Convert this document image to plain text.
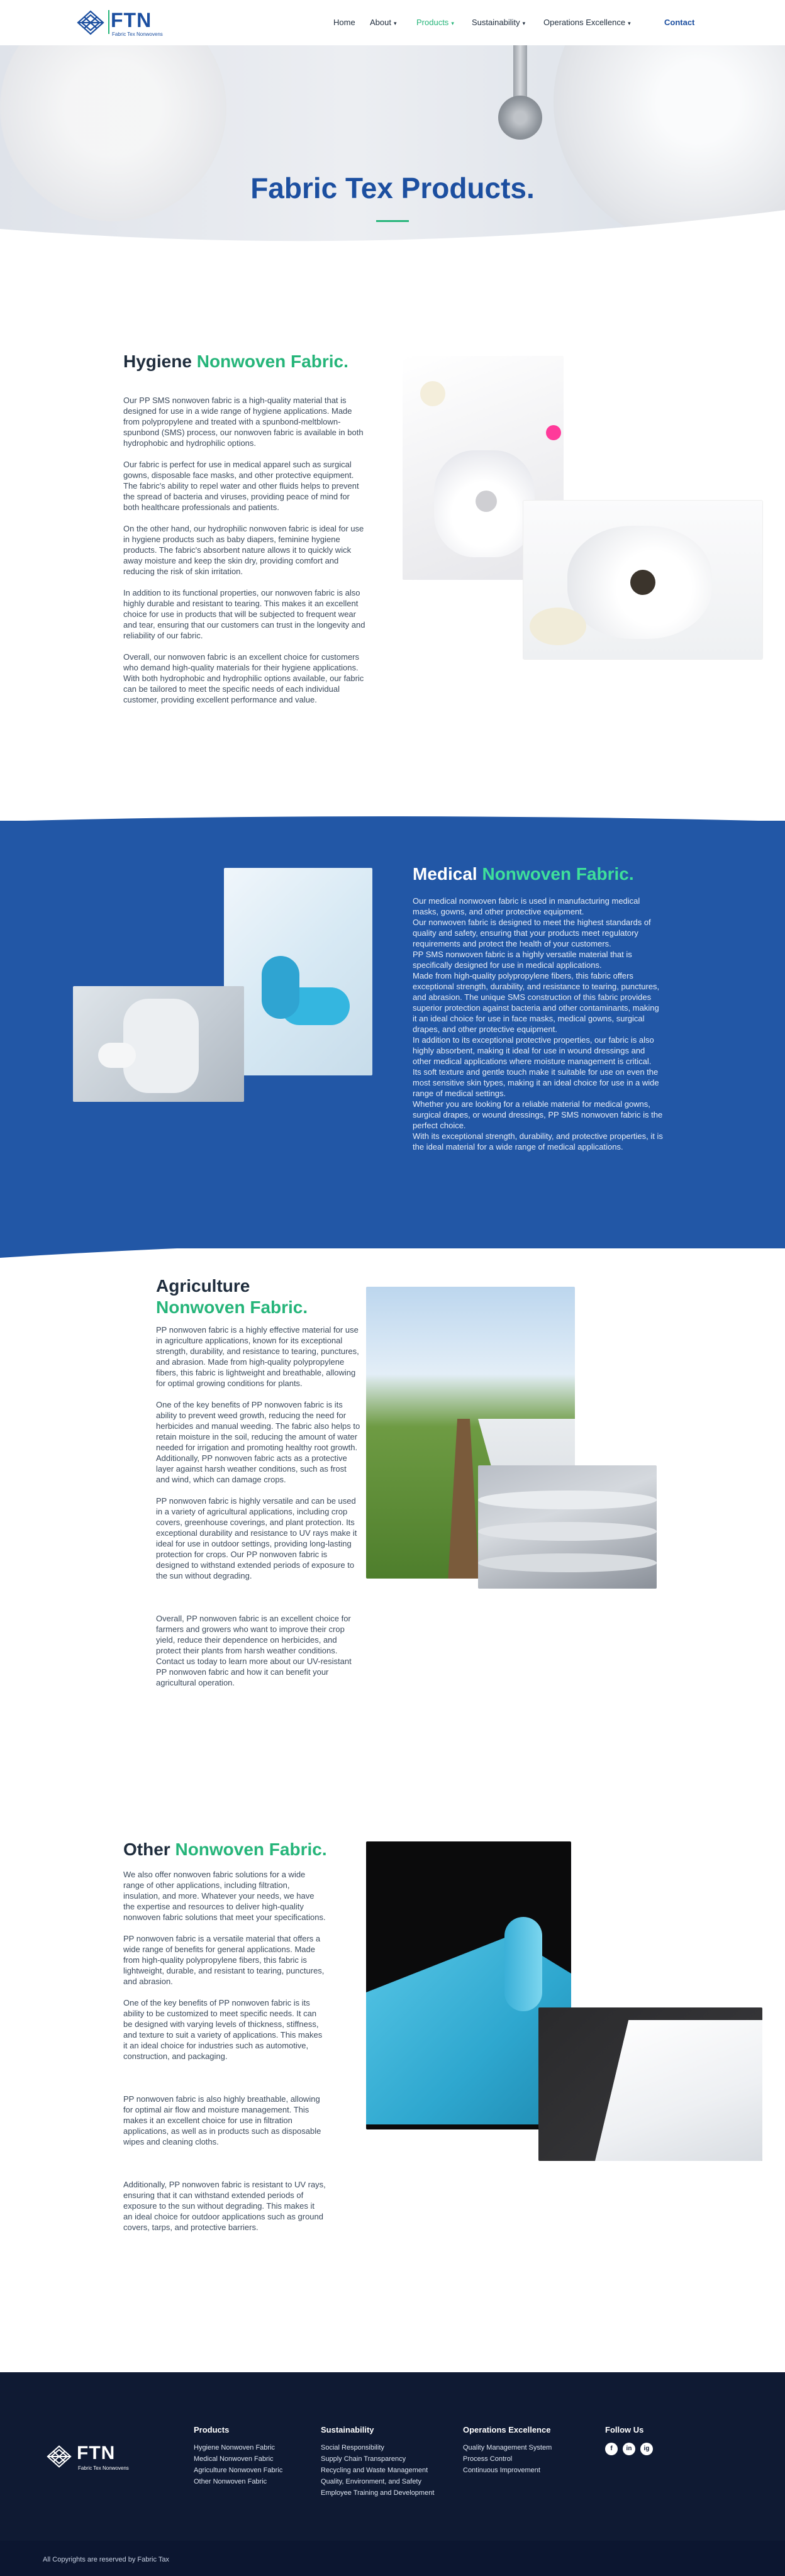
FTN
Fabric Tex Nonwovens
Home About ▾ Products ▾ Sustainability ▾ Operations Excellence ▾	Contact
Fabric Tex Products.
Hygiene Nonwoven Fabric.

Our PP SMS nonwoven fabric is a high-quality material that is designed for use in a wide range of hygiene applications. Made from polypropylene and treated with a spunbond-meltblown-spunbond (SMS) process, our nonwoven fabric is available in both hydrophobic and hydrophilic options.

Our fabric is perfect for use in medical apparel such as surgical gowns, disposable face masks, and other protective equipment. The fabric's ability to repel water and other fluids helps to prevent the spread of bacteria and viruses, providing peace of mind for both healthcare professionals and patients.

On the other hand, our hydrophilic nonwoven fabric is ideal for use in hygiene products such as baby diapers, feminine hygiene products. The fabric's absorbent nature allows it to quickly wick away moisture and keep the skin dry, providing comfort and reducing the risk of skin irritation.

In addition to its functional properties, our nonwoven fabric is also highly durable and resistant to tearing. This makes it an excellent choice for use in products that will be subjected to frequent wear and tear, ensuring that our customers can trust in the longevity and reliability of our fabric.

Overall, our nonwoven fabric is an excellent choice for customers who demand high-quality materials for their hygiene applications. With both hydrophobic and hydrophilic options available, our fabric can be tailored to meet the specific needs of each individual customer, providing excellent performance and value.

Medical Nonwoven Fabric.
Our medical nonwoven fabric is used in manufacturing medical masks, gowns, and other protective equipment.
Our nonwoven fabric is designed to meet the highest standards of quality and safety, ensuring that your products meet regulatory requirements and protect the health of your customers.
PP SMS nonwoven fabric is a highly versatile material that is specifically designed for use in medical applications.
Made from high-quality polypropylene fibers, this fabric offers exceptional strength, durability, and resistance to tearing, punctures, and abrasion. The unique SMS construction of this fabric provides superior protection against bacteria and other contaminants, making it an ideal choice for use in face masks, medical gowns, surgical drapes, and other protective equipment.
In addition to its exceptional protective properties, our fabric is also highly absorbent, making it ideal for use in wound dressings and other medical applications where moisture management is critical.
Its soft texture and gentle touch make it suitable for use on even the most sensitive skin types, making it an ideal choice for use in a wide range of medical settings.
Whether you are looking for a reliable material for medical gowns, surgical drapes, or wound dressings, PP SMS nonwoven fabric is the perfect choice.
With its exceptional strength, durability, and protective properties, it is the ideal material for a wide range of medical applications.
Agriculture
Nonwoven Fabric.

PP nonwoven fabric is a highly effective material for use in agriculture applications, known for its exceptional strength, durability, and resistance to tearing, punctures, and abrasion. Made from high-quality polypropylene fibers, this fabric is lightweight and breathable, allowing for optimal growing conditions for plants.

One of the key benefits of PP nonwoven fabric is its ability to prevent weed growth, reducing the need for herbicides and manual weeding. The fabric also helps to retain moisture in the soil, reducing the amount of water needed for irrigation and promoting healthy root growth. Additionally, PP nonwoven fabric acts as a protective layer against harsh weather conditions, such as frost and wind, which can damage crops.

PP nonwoven fabric is highly versatile and can be used in a variety of agricultural applications, including crop covers, greenhouse coverings, and plant protection. Its exceptional durability and resistance to UV rays make it ideal for use in outdoor settings, providing long-lasting protection for crops. Our PP nonwoven fabric is designed to withstand extended periods of exposure to the sun without degrading.

Overall, PP nonwoven fabric is an excellent choice for farmers and growers who want to improve their crop yield, reduce their dependence on herbicides, and protect their plants from harsh weather conditions. Contact us today to learn more about our UV-resistant PP nonwoven fabric and how it can benefit your agricultural operation.

Other Nonwoven Fabric.

We also offer nonwoven fabric solutions for a wide range of other applications, including filtration, insulation, and more. Whatever your needs, we have the expertise and resources to deliver high-quality nonwoven fabric solutions that meet your specifications.

PP nonwoven fabric is a versatile material that offers a wide range of benefits for general applications. Made from high-quality polypropylene fibers, this fabric is lightweight, durable, and resistant to tearing, punctures, and abrasion.

One of the key benefits of PP nonwoven fabric is its ability to be customized to meet specific needs. It can be designed with varying levels of thickness, stiffness, and texture to suit a variety of applications. This makes it an ideal choice for industries such as automotive, construction, and packaging.

PP nonwoven fabric is also highly breathable, allowing for optimal air flow and moisture management. This makes it an excellent choice for use in filtration applications, as well as in products such as disposable wipes and cleaning cloths.

Additionally, PP nonwoven fabric is resistant to UV rays, ensuring that it can withstand extended periods of exposure to the sun without degrading. This makes it an ideal choice for outdoor applications such as ground covers, tarps, and protective barriers.

FTN
Fabric Tex Nonwovens
Products
Hygiene Nonwoven Fabric
Medical Nonwoven Fabric
Agriculture Nonwoven Fabric
Other Nonwoven Fabric
Sustainability
Social Responsibility
Supply Chain Transparency
Recycling and Waste Management
Quality, Environment, and Safety
Employee Training and Development
Operations Excellence
Quality Management System
Process Control
Continuous Improvement
Follow Us
f	in	ig
All Copyrights are reserved by Fabric Tax
